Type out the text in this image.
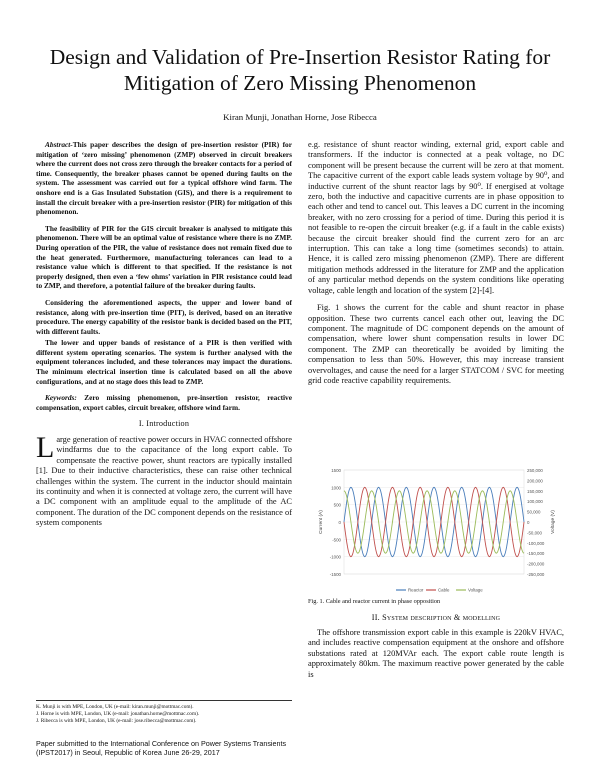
Design and Validation of Pre-Insertion Resistor Rating for Mitigation of Zero Missing Phenomenon
Kiran Munji, Jonathan Horne, Jose Ribecca

Abstract-This paper describes the design of pre-insertion resistor (PIR) for mitigation of ‘zero missing’ phenomenon (ZMP) observed in circuit breakers where the current does not cross zero through the breaker contacts for a period of time. Consequently, the breaker phases cannot be opened during faults on the system. The assessment was carried out for a typical offshore wind farm. The onshore end is a Gas Insulated Substation (GIS), and there is a requirement to install the circuit breaker with a pre-insertion resistor (PIR) for mitigation of this phenomenon.

The feasibility of PIR for the GIS circuit breaker is analysed to mitigate this phenomenon. There will be an optimal value of resistance where there is no ZMP. During operation of the PIR, the value of resistance does not remain fixed due to the heat generated. Furthermore, manufacturing tolerances can lead to a resistance value which is different to that specified. If the resistance is not properly designed, then even a ‘few ohms’ variation in PIR resistance could lead to ZMP, and therefore, a potential failure of the breaker during faults.

Considering the aforementioned aspects, the upper and lower band of resistance, along with pre-insertion time (PIT), is derived, based on an iterative procedure. The energy capability of the resistor bank is decided based on the PIT, with different faults.

The lower and upper bands of resistance of a PIR is then verified with different system operating scenarios. The system is further analysed with the equipment tolerances included, and these tolerances may impact the durations. The minimum electrical insertion time is calculated based on all the above configurations, and at no stage does this lead to ZMP.

Keywords: Zero missing phenomenon, pre-insertion resistor, reactive compensation, export cables, circuit breaker, offshore wind farm.

I. Introduction

Large generation of reactive power occurs in HVAC connected offshore windfarms due to the capacitance of the long export cable. To compensate the reactive power, shunt reactors are typically installed [1]. Due to their inductive characteristics, these can raise other technical challenges within the system. The current in the inductor should maintain its continuity and when it is connected at voltage zero, the current will have a DC component with an amplitude equal to the amplitude of the AC component. The duration of the DC component depends on the resistance of system components

K. Munji is with MPE, London, UK (e-mail: kiran.munji@mottmac.com).
J. Horne is with MPE, London, UK (e-mail: jonathan.horne@mottmac.com).
J. Ribecca is with MPE, London, UK (e-mail: jose.ribecca@mottmac.com).
Paper submitted to the International Conference on Power Systems Transients (IPST2017) in Seoul, Republic of Korea June 26-29, 2017

e.g. resistance of shunt reactor winding, external grid, export cable and transformers. If the inductor is connected at a peak voltage, no DC component will be present because the current will be zero at that moment. The capacitive current of the export cable leads system voltage by 90⁰, and inductive current of the shunt reactor lags by 90⁰. If energised at voltage zero, both the inductive and capacitive currents are in phase opposition to each other and tend to cancel out. This leaves a DC current in the incoming breaker, with no zero crossing for a period of time. During this period it is not feasible to re-open the circuit breaker (e.g. if a fault in the cable exists) because the circuit breaker should find the current zero for an arc interruption. This can take a long time (sometimes seconds) to attain. Hence, it is called zero missing phenomenon (ZMP). There are different mitigation methods addressed in the literature for ZMP and the application of any particular method depends on the system conditions like operating voltage, cable length and location of the system [2]-[4].

Fig. 1 shows the current for the cable and shunt reactor in phase opposition. These two currents cancel each other out, leaving the DC component. The magnitude of DC component depends on the amount of compensation, where lower shunt compensation results in lower DC component. The ZMP can theoretically be avoided by limiting the compensation to less than 50%. However, this may increase transient overvoltages, and cause the need for a larger STATCOM / SVC for meeting grid code reactive capability requirements.

1500
1000
500
0
-500
-1000
-1500
250,000
200,000
150,000
100,000
50,000
0
-50,000
-100,000
-150,000
-200,000
-250,000
Current (A)	Voltage (V)
Reactor	Cable	Voltage
Fig. 1. Cable and reactor current in phase opposition
II. System description & modelling

The offshore transmission export cable in this example is 220kV HVAC, and includes reactive compensation equipment at the onshore and offshore substations rated at 120MVAr each. The export cable route length is approximately 80km. The maximum reactive power generated by the cable is
